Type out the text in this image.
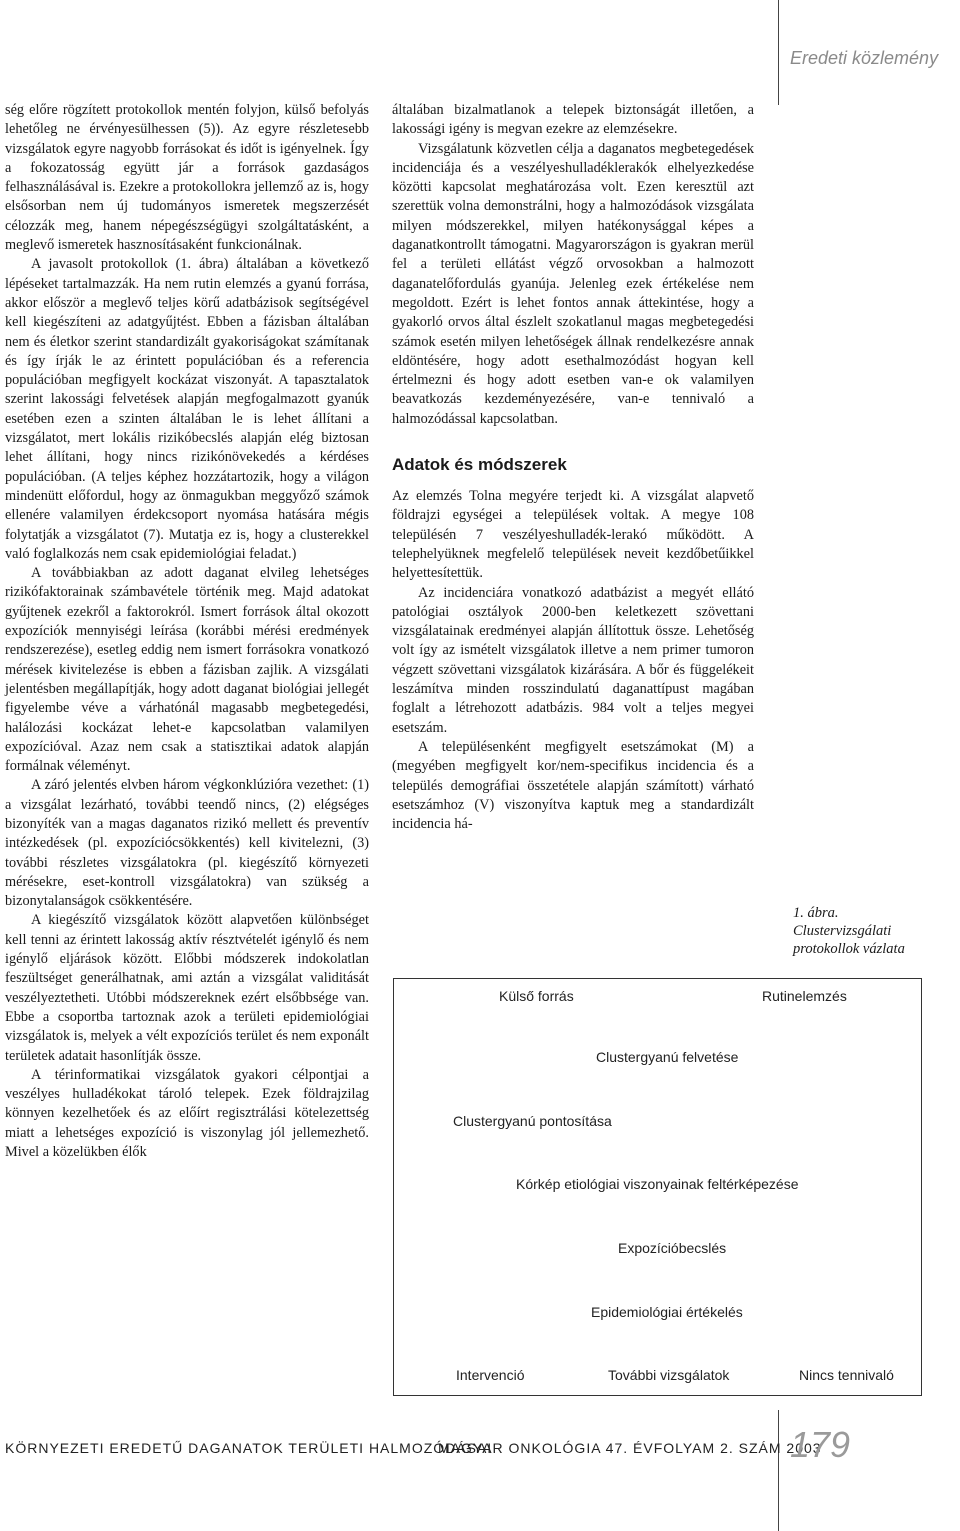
Eredeti közlemény

ség előre rögzített protokollok mentén folyjon, külső befolyás lehetőleg ne érvényesülhessen (5)). Az egyre részletesebb vizsgálatok egyre nagyobb forrásokat és időt is igényelnek. Így a fokozatosság együtt jár a források gazdaságos felhasználásával is. Ezekre a protokollokra jellemző az is, hogy elsősorban nem új tudományos ismeretek megszerzését célozzák meg, hanem népegészségügyi szolgáltatásként, a meglevő ismeretek hasznosításaként funkcionálnak.

A javasolt protokollok (1. ábra) általában a következő lépéseket tartalmazzák. Ha nem rutin elemzés a gyanú forrása, akkor először a meglevő teljes körű adatbázisok segítségével kell kiegészíteni az adatgyűjtést. Ebben a fázisban általában nem és életkor szerint standardizált gyakoriságokat számítanak és így írják le az érintett populációban és a referencia populációban megfigyelt kockázat viszonyát. A tapasztalatok szerint lakossági felvetések alapján megfogalmazott gyanúk esetében ezen a szinten általában le is lehet állítani a vizsgálatot, mert lokális rizikóbecslés alapján elég biztosan lehet állítani, hogy nincs rizikónövekedés a kérdéses populációban. (A teljes képhez hozzátartozik, hogy a világon mindenütt előfordul, hogy az önmagukban meggyőző számok ellenére valamilyen érdekcsoport nyomása hatására mégis folytatják a vizsgálatot (7). Mutatja ez is, hogy a clusterekkel való foglalkozás nem csak epidemiológiai feladat.)

A továbbiakban az adott daganat elvileg lehetséges rizikófaktorainak számbavétele történik meg. Majd adatokat gyűjtenek ezekről a faktorokról. Ismert források által okozott expozíciók mennyiségi leírása (korábbi mérési eredmények rendszerezése), esetleg eddig nem ismert forrásokra vonatkozó mérések kivitelezése is ebben a fázisban zajlik. A vizsgálati jelentésben megállapítják, hogy adott daganat biológiai jellegét figyelembe véve a várhatónál magasabb megbetegedési, halálozási kockázat lehet-e kapcsolatban valamilyen expozícióval. Azaz nem csak a statisztikai adatok alapján formálnak véleményt.

A záró jelentés elvben három végkonklúzióra vezethet: (1) a vizsgálat lezárható, további teendő nincs, (2) elégséges bizonyíték van a magas daganatos rizikó mellett és preventív intézkedések (pl. expozíciócsökkentés) kell kivitelezni, (3) további részletes vizsgálatokra (pl. kiegészítő környezeti mérésekre, eset-kontroll vizsgálatokra) van szükség a bizonytalanságok csökkentésére.

A kiegészítő vizsgálatok között alapvetően különbséget kell tenni az érintett lakosság aktív résztvételét igénylő és nem igénylő eljárások között. Előbbi módszerek indokolatlan feszültséget generálhatnak, ami aztán a vizsgálat validitását veszélyeztetheti. Utóbbi módszereknek ezért elsőbbsége van. Ebbe a csoportba tartoznak azok a területi epidemiológiai vizsgálatok is, melyek a vélt expozíciós terület és nem exponált területek adatait hasonlítják össze.

A térinformatikai vizsgálatok gyakori célpontjai a veszélyes hulladékokat tároló telepek. Ezek földrajzilag könnyen kezelhetőek és az előírt regisztrálási kötelezettség miatt a lehetséges expozíció is viszonylag jól jellemezhető. Mivel a közelükben élők

általában bizalmatlanok a telepek biztonságát illetően, a lakossági igény is megvan ezekre az elemzésekre.

Vizsgálatunk közvetlen célja a daganatos megbetegedések incidenciája és a veszélyeshulladéklerakók elhelyezkedése közötti kapcsolat meghatározása volt. Ezen keresztül azt szerettük volna demonstrálni, hogy a halmozódások vizsgálata milyen módszerekkel, milyen hatékonysággal képes a daganatkontrollt támogatni. Magyarországon is gyakran merül fel a területi ellátást végző orvosokban a halmozott daganatelőfordulás gyanúja. Jelenleg ezek értékelése nem megoldott. Ezért is lehet fontos annak áttekintése, hogy a gyakorló orvos által észlelt szokatlanul magas megbetegedési számok esetén milyen lehetőségek állnak rendelkezésre annak eldöntésére, hogy adott esethalmozódást hogyan kell értelmezni és hogy adott esetben van-e ok valamilyen beavatkozás kezdeményezésére, van-e tennivaló a halmozódással kapcsolatban.

Adatok és módszerek

Az elemzés Tolna megyére terjedt ki. A vizsgálat alapvető földrajzi egységei a települések voltak. A megye 108 településén 7 veszélyeshulladék-lerakó működött. A telephelyüknek megfelelő települések neveit kezdőbetűikkel helyettesítettük.

Az incidenciára vonatkozó adatbázist a megyét ellátó patológiai osztályok 2000-ben keletkezett szövettani vizsgálatainak eredményei alapján állítottuk össze. Lehetőség volt így az ismételt vizsgálatok illetve a nem primer tumoron végzett szövettani vizsgálatok kizárására. A bőr és függelékeit leszámítva minden rosszindulatú daganattípust magában foglalt a létrehozott adatbázis. 984 volt a teljes megyei esetszám.

A településenként megfigyelt esetszámokat (M) a (megyében megfigyelt kor/nem-specifikus incidencia és a település demográfiai összetétele alapján számított) várható esetszámhoz (V) viszonyítva kaptuk meg a standardizált incidencia há-

1. ábra.
Clustervizsgálati protokollok vázlata
Külső forrás	Rutinelemzés
Clustergyanú felvetése
Clustergyanú pontosítása
Kórkép etiológiai viszonyainak feltérképezése
Expozícióbecslés
Epidemiológiai értékelés
Intervenció	További vizsgálatok	Nincs tennivaló
KÖRNYEZETI EREDETŰ DAGANATOK TERÜLETI HALMOZÓDÁSAI
MAGYAR ONKOLÓGIA 47. ÉVFOLYAM 2. SZÁM 2003
179
